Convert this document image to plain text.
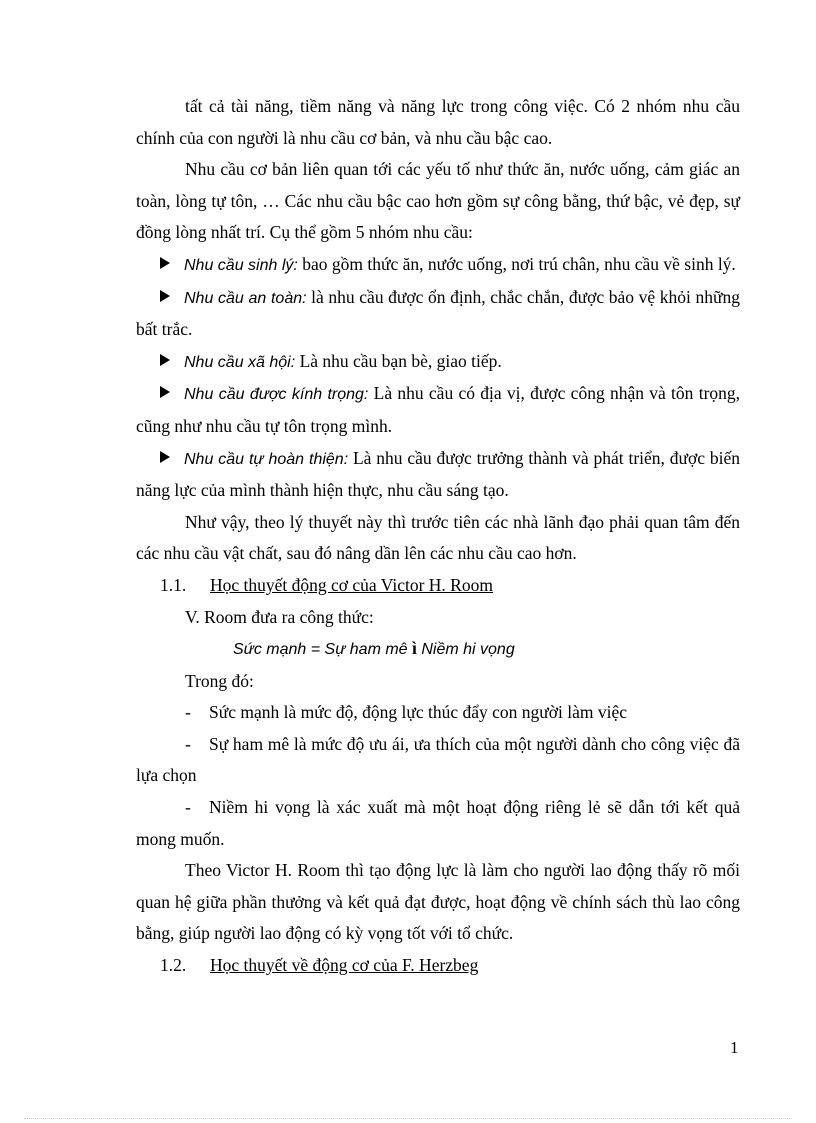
tất cả tài năng, tiềm năng và năng lực trong công việc. Có 2 nhóm nhu cầu chính của con người là nhu cầu cơ bản, và nhu cầu bậc cao.

Nhu cầu cơ bản liên quan tới các yếu tố như thức ăn, nước uống, cảm giác an toàn, lòng tự tôn, … Các nhu cầu bậc cao hơn gồm sự công bằng, thứ bậc, vẻ đẹp, sự đồng lòng nhất trí. Cụ thể gồm 5 nhóm nhu cầu:

Nhu cầu sinh lý: bao gồm thức ăn, nước uống, nơi trú chân, nhu cầu về sinh lý.

Nhu cầu an toàn: là nhu cầu được ổn định, chắc chắn, được bảo vệ khỏi những bất trắc.

Nhu cầu xã hội: Là nhu cầu bạn bè, giao tiếp.

Nhu cầu được kính trọng: Là nhu cầu có địa vị, được công nhận và tôn trọng, cũng như nhu cầu tự tôn trọng mình.

Nhu cầu tự hoàn thiện: Là nhu cầu được trưởng thành và phát triển, được biến năng lực của mình thành hiện thực, nhu cầu sáng tạo.

Như vậy, theo lý thuyết này thì trước tiên các nhà lãnh đạo phải quan tâm đến các nhu cầu vật chất, sau đó nâng dần lên các nhu cầu cao hơn.

1.1. Học thuyết động cơ của Victor H. Room

V. Room đưa ra công thức:

Sức mạnh = Sự ham mê ì Niềm hi vọng

Trong đó:

- Sức mạnh là mức độ, động lực thúc đẩy con người làm việc

- Sự ham mê là mức độ ưu ái, ưa thích của một người dành cho công việc đã lựa chọn

- Niềm hi vọng là xác xuất mà một hoạt động riêng lẻ sẽ dẫn tới kết quả mong muốn.

Theo Victor H. Room thì tạo động lực là làm cho người lao động thấy rõ mối quan hệ giữa phần thưởng và kết quả đạt được, hoạt động về chính sách thù lao công bằng, giúp người lao động có kỳ vọng tốt với tổ chức.

1.2. Học thuyết về động cơ của F. Herzbeg

1
